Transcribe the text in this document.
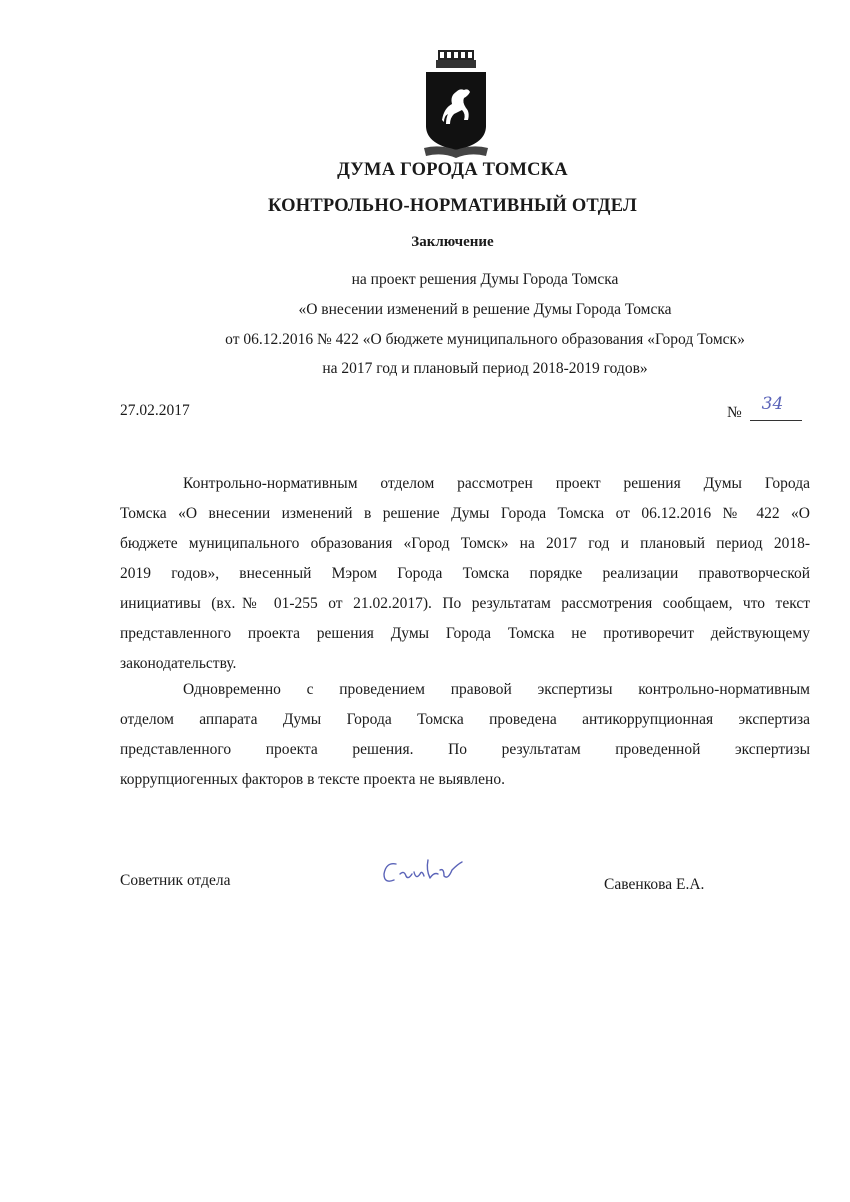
ДУМА ГОРОДА ТОМСКА
КОНТРОЛЬНО-НОРМАТИВНЫЙ ОТДЕЛ
Заключение
на проект решения Думы Города Томска
«О внесении изменений в решение Думы Города Томска
от 06.12.2016 № 422 «О бюджете муниципального образования «Город Томск»
на 2017 год и плановый период 2018-2019 годов»
27.02.2017	№ 34
Контрольно-нормативным отделом рассмотрен проект решения Думы Города
Томска «О внесении изменений в решение Думы Города Томска от 06.12.2016 № 422 «О
бюджете муниципального образования «Город Томск» на 2017 год и плановый период 2018-
2019 годов», внесенный Мэром Города Томска порядке реализации правотворческой
инициативы (вх.№ 01-255 от 21.02.2017). По результатам рассмотрения сообщаем, что текст
представленного проекта решения Думы Города Томска не противоречит действующему
законодательству.
Одновременно с проведением правовой экспертизы контрольно-нормативным
отделом аппарата Думы Города Томска проведена антикоррупционная экспертиза
представленного проекта решения. По результатам проведенной экспертизы
коррупциогенных факторов в тексте проекта не выявлено.
Советник отдела	Савенкова Е.А.
